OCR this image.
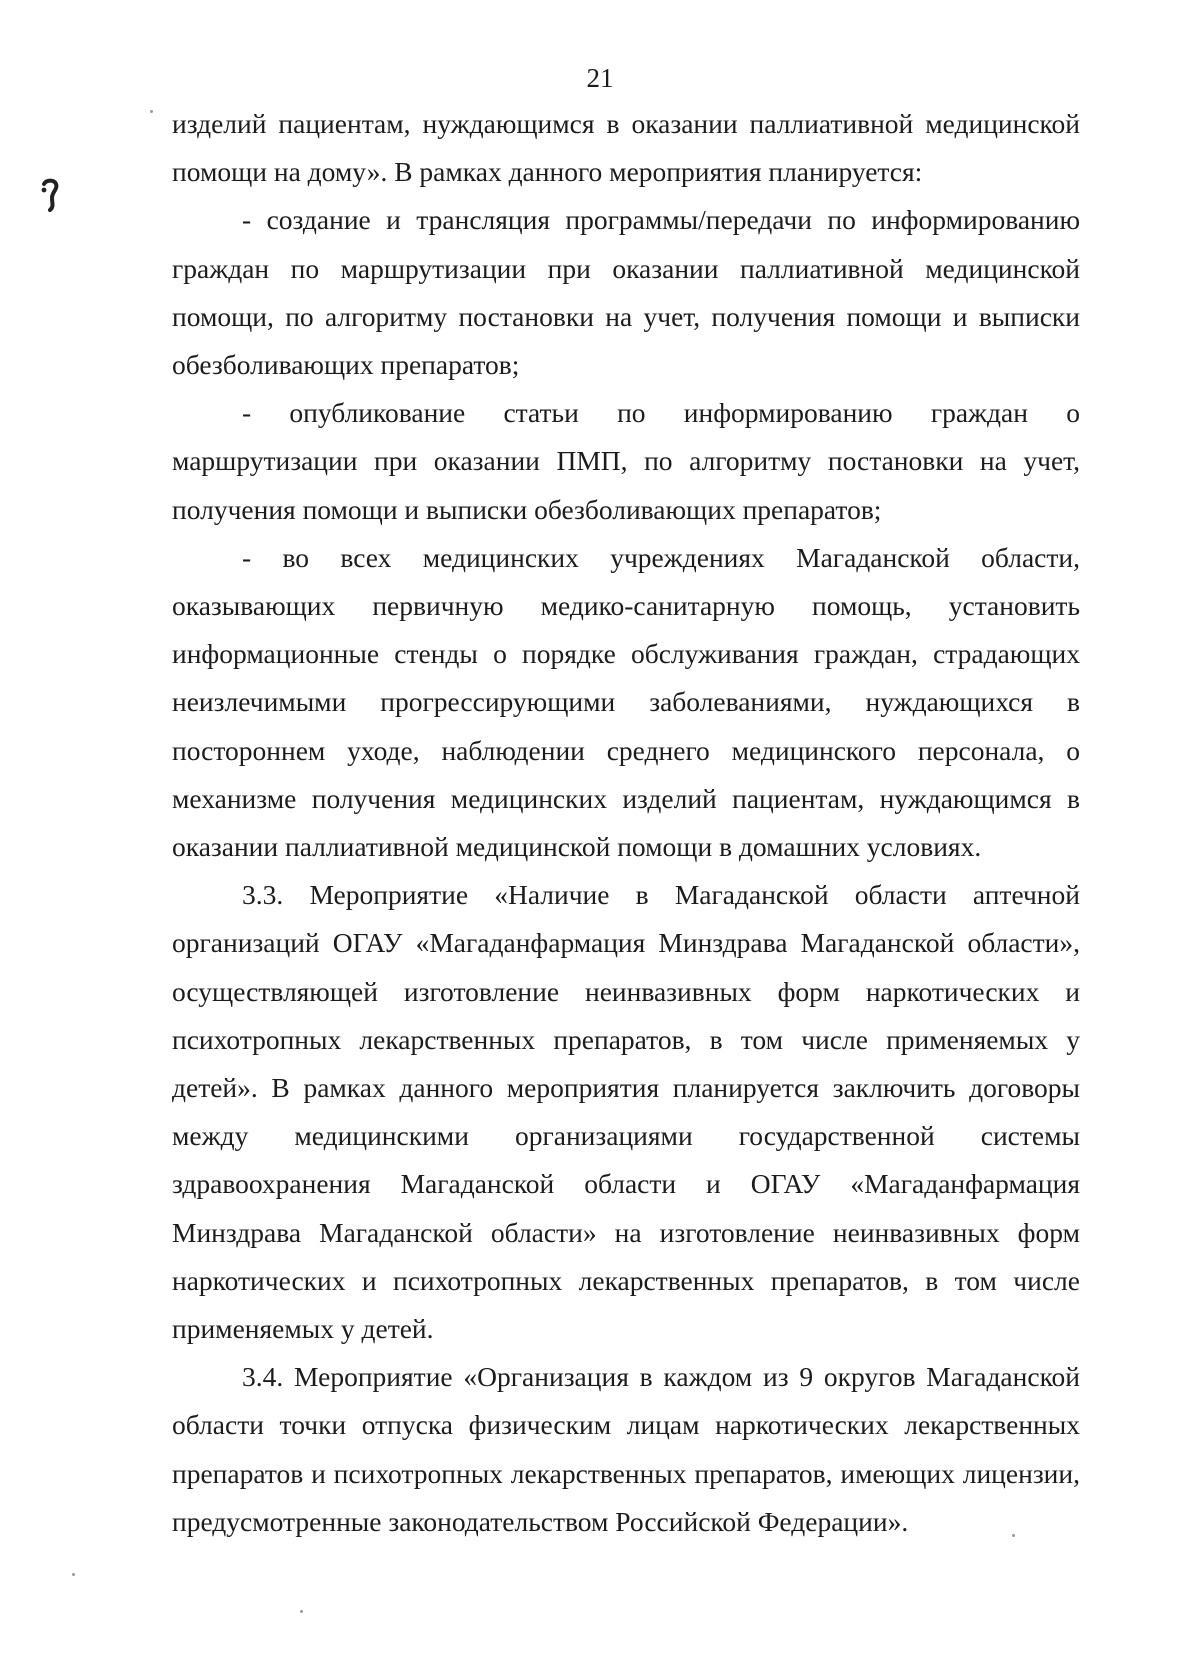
21

изделий пациентам, нуждающимся в оказании паллиативной медицинской помощи на дому». В рамках данного мероприятия планируется:

- создание и трансляция программы/передачи по информированию граждан по маршрутизации при оказании паллиативной медицинской помощи, по алгоритму постановки на учет, получения помощи и выписки обезболивающих препаратов;

- опубликование статьи по информированию граждан о маршрутизации при оказании ПМП, по алгоритму постановки на учет, получения помощи и выписки обезболивающих препаратов;

- во всех медицинских учреждениях Магаданской области, оказывающих первичную медико-санитарную помощь, установить информационные стенды о порядке обслуживания граждан, страдающих неизлечимыми прогрессирующими заболеваниями, нуждающихся в постороннем уходе, наблюдении среднего медицинского персонала, о механизме получения медицинских изделий пациентам, нуждающимся в оказании паллиативной медицинской помощи в домашних условиях.

3.3. Мероприятие «Наличие в Магаданской области аптечной организаций ОГАУ «Магаданфармация Минздрава Магаданской области», осуществляющей изготовление неинвазивных форм наркотических и психотропных лекарственных препаратов, в том числе применяемых у детей». В рамках данного мероприятия планируется заключить договоры между медицинскими организациями государственной системы здравоохранения Магаданской области и ОГАУ «Магаданфармация Минздрава Магаданской области» на изготовление неинвазивных форм наркотических и психотропных лекарственных препаратов, в том числе применяемых у детей.

3.4. Мероприятие «Организация в каждом из 9 округов Магаданской области точки отпуска физическим лицам наркотических лекарственных препаратов и психотропных лекарственных препаратов, имеющих лицензии, предусмотренные законодательством Российской Федерации».
